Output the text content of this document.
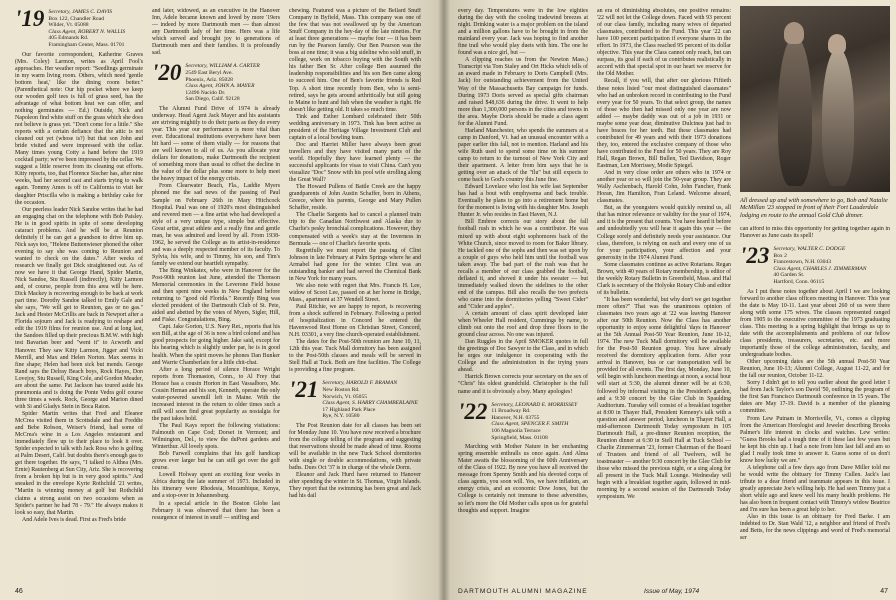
'19 Secretary, JAMES C. DAVIS
Box 122, Chandler Road
Wilder, Vt. 05088
Class Agent, ROBERT N. WALLIS
405 Edmands Rd.
Framingham Center, Mass. 01701

Our favorite correspondent, Katherine Graves (Mrs. Coley) Larmon, writes as April Fool's approaches. Her weather report: "Seedlings germinate in my warm living room. Others, which need 'gentle bottom heat,' like the dining room better." (Parenthetical note: Our hip pocket where we keep our wooden golf tees is full of grass seed, has the advantage of what bottom heat we can offer, and nothing germinates — Ed.) Outside, Nick and Napoleon find white stuff on the grass which she does not believe is grass yet. "Don't come for a little." She reports with a certain defiance that the attic is not cleaned out yet (whose is?) but that son John and bride visited and were impressed with the cellar. Many times young Cotty a hand before the 1919 cocktail party; we've been impressed by the cellar. We suggest a little reserve from its cleaning out efforts. Kitty reports, too, that Florence Sischer has, after nine weeks, had her second cast and starts trying to walk again. Tommy Ames is off to California to visit her daughter Priscilla who is making a birthday cake for the occasion.

Our peerless leader Nick Sandoe writes that he had an engaging chat on the telephone with Bob Paisley. He is in good spirits in spite of some developing cataract problems. And he will be at Reunion definitely if he can get a grandson to drive him up. Nick says too, "Helene Buttenwieser phoned the other evening to say she was coming to Reunion and wanted to check on the dates." After weeks of research we finally got Dick straightened out. As of now we have it that George Hand, Spider Martin, Nick Sandoe, Stu Russell (indirectly), Kitty Larmon and, of course, people from this area will be here. Dick Mackey is recovering enough to be back at work part time. Dorothy Sandoe talked to Emily Gale and she says, "We will get to Reunion, gas or no gas." Jack and Hester McCrillis are back in Newport after a Florida sojourn and Jack is readying to reshape and edit the 1919 films for reunion use. And at long last, the Sandoes filled up their precious B.M.W. with high test Bavarian beer and "went it" to Acworth and Hanover. They saw Kitty Larmon, Jigger and Vicki Merrill, and Max and Helen Norton. Max seems in fine shape; Helen had been sick but mends. George Rand says the Delray Beach boys, Rock Hayes, Don Lovejoy, Stu Russell, King Cole, and Gordon Meader, are about the same. Pat Jackson has toured aside his pneumonia and is doing the Ponte Vedra golf course three times a week. Rock, George and Marion dined with Si and Gladys Stein in Boca Raton.

Spider Martin writes that Fred and Eleanor McCrea visited them in Scottsdale and that Freddie and Bebe Robson, Weiser's friend, had some of McCrea's wine in a Los Angeles restaurant and immediately flew up to their place to look it over. Spider expected to talk with Jack Ross who is golfing at Palm Desert, Calif. but doubts there's enough gas to get there together. He says, "I talked to Althea (Mrs. Ernie) Rautenberg at Sun City, Ariz. She is recovering from a broken hip but is in very good spirits." And sneaked in the envelope Kyrie Rothchild '21 writes, "Martin is winning money at golf but Rothchild claims a strong assist on two occasions when as Spider's partner he had 78 - 79." He always makes it look so easy, that Martin.

And Adele Ives is dead. First as Fred's bride

and later, widowed, as an executive in the Hanover Inn, Adele became known and loved by more '19ers — indeed by more Dartmouth men — than almost any Dartmouth lady of her time. Hers was a life which served and brought joy to generations of Dartmouth men and their families. It is profoundly sad.

'20 Secretary, WILLIAM A. CARTER
2549 East Beryl Ave.
Phoenix, Ariz. 85028
Class Agent, JOHN A. MAYER
12496 Nacido Dr.
San Diego, Calif. 92128

The Alumni Fund Drive of 1974 is already underway. Head Agent Jack Mayer and his assistants are striving mightily to do their parts as they do every year. This year our performance is more vital than ever. Educational institutions everywhere have been hit hard — some of them vitally — for reasons that are well known to all of us. As you allocate your dollars for donations, make Dartmouth the recipient of something more than usual to offset the decline in the value of the dollar plus some more to help meet the heavy impact of the energy crisis.

From Clearwater Beach, Fla., Laddie Myers phoned me the sad news of the passing of Paul Sample on February 26th in Mary Hitchcock Hospital. Paul was one of 1920's most distinguished and revered men — a fine artist who had developed a style of a very unique type, simple but effective. Great artist, great athlete and a really fine and gentle man, he was admired and loved by all. From 1938-1962, he served the College as its artist-in-residence and was a deeply respected member of its faculty. To Sylvia, his wife, and to Timmy, his son, and Tim's family we extend our heartfelt sympathy.

The Bing Winkatex, who were in Hanover for the Post-90th reunion last June, attended the Thomson Memorial ceremonies in the Leverone Field house and then spent nine weeks in New England before returning to "good old Florida." Recently Bing was elected president of the Dartmouth Club of St. Pete, aided and abetted by the votes of Myers, Sigler, Hill, and Fiske. Congratulations, Bing.

Capt. Jake Gorton, U.S. Navy Ret., reports that his son Bill, at the age of 36 is now a bird colonel and has good prospects for going higher. Jake said, except for his hearing which is slightly under par, he is in good health. When the spirit moves he phones Dan Bunker and Warrie Chamberlain for a little chit-chat.

After a long period of silence Horace Wright reports from Thomaston, Conn., to Al Frey that Horace has a cousin Horton in East Vassalboro, Me. Cousin Heman and his son, Kenneth, operate the only water-powered sawmill left in Maine. With the increased interest in the return to older times such a mill will soon find great popularity as nostalgia for the past takes hold.

The Paul Kays report the following visitations: Falmouth on Cape Cod; Dorset in Vermont; and Wilmington, Del., to view the duPont gardens and Winterthur. All lovely spots.

Bob Farwell complains that his golf handicap grows ever larger but he can still get over the golf course.

Lowell Holway spent an exciting four weeks in Africa during the late summer of 1973. Included in his itinerary were Rhodesia, Mozambique, Kenya, and a stop-over in Johannesburg.

In a special article in the Boston Globe last February it was observed that there has been a resurgence of interest in snuff — sniffing and

chewing. Featured was a picture of the Bellard Snuff Company in Byfield, Mass. This company was one of the few that was not swallowed up by the American Snuff Company in the hey-day of the late nineties. For at least three generations — maybe four — it has been run by the Pearson family. Our Ben Pearson was the boss at one time; it was a big sideline who sold snuff, in college, work on tobacco buying with the South with his father Ben Sr. After college Ben assumed the leadership responsibilities and his son Ben came along to succeed him. One of Ben's favorite friends is Red Top. A short time recently from Ben, who is semi-retired, says he gets around arthritically but still going to Maine to hunt and fish when the weather is right. He doesn't like getting old. It takes so much time.

Tink and Esther Lombard celebrated their 50th wedding anniversary in 1973. Tink has been active as president of the Heritage Village Investment Club and captain of a local bowling team.

Doc and Harriet Miller have always been great travellers and they have visited many parts of the world. Hopefully they have learned plenty — the successful applicants for visas to visit China. Can't you visualize "Doc" Snow with his pool wife strolling along the Great Wall?

The Howard Pullens of Battle Creek are the happy grandparents of John Austin Schaffer, born in Athens, Greece, where his parents, George and Mary Pullen Schaffer, reside.

The Charlie Sargents had to cancel a planned train trip to the Canadian Northwest and Alaska due to Charlie's pesky bronchial complications. However, they compensated with a week's stay at the Inverness in Bermuda — one of Charlie's favorite spots.

Regretfully we must report the passing of Clint Johnson in late February at Palm Springs where he and Armabel had gone for the winter. Clint was an outstanding banker and had served the Chemical Bank in New York for many years.

We also note with regret that Mrs. Francis H. Lee, widow of Scoot Lee, passed on at her home in Bridge, Mass., apartment at 37 Wendell Street.

Paul Ritchie, we are happy to report, is recovering from a shock suffered in February. Following a period of hospitalization in Concord he entered the Havenwood Rest Home on Christian Street, Concord, N.H. 03301, a very fine church-operated establishment.

The dates for the Post-50th reunion are June 10, 11, 12th this year. Tuck Mall dormitory has been assigned to the Post-50th classes and meals will be served in Stell Hall at Tuck. Both are fine facilities. The College is providing a fine program.

'21 Secretary, HAROLD F. BRAMAN
New Boston Rd.
Norwich, Vt. 05055
Class Agent, S. HARRY CHAMBERLAINE
17 Highland Park Place
Rye, N.Y. 10580

The Post Reunion date for all classes has been set for Monday June 10. You have now received a brochure from the college telling of the program and suggesting that reservations should be made ahead of time. Rooms will be available in the new Tuck School dormitories with single or double accommodations, with private baths. Dues Oct '37 is in charge of the whole Dorm.

Eleanor and Jack Hurd have returned to Hanover after spending the winter in St. Thomas, Virgin Islands. They report that the swimming has been great and Jack had his dail

46

every day. Temperatures were in the low eighties during the day with the cooling tradewind breezes at night. Drinking water is a major problem on the island and a million gallons have to be brought in from the mainland every year. Jack was hoping to find another fine trail who would play duets with him. The one he found was a nice girl, but —

A clipping reaches us from the Newton Mass.) Transcript via Tom Staley and Ort Hicks which tells of an award made in February to Doris Campbell (Mrs. Jack) for outstanding achievement from the United Way of the Massachusetts Bay campaign for funds. During 1973 Doris served as special gifts chairman and raised $48,636 during the drive. It went to help more than 1,300,000 persons in the cities and towns in the area. Maybe Doris should be made a class agent for the Alumni Fund.

Harland Manchester, who spends the summers at a camp in Danford, Vt. had an unusual encounter with a paper earlier this fall, not to mention. Harland and his wife Ruth used to spend some time on his summer camp to return to the turnout of New York City and their apartment. A letter from him says that he is getting over an attack of the "flu" but still expects to come back to God's country this June fine.

Edward Lovelace who lost his wife last September has had a bout with emphysema and back trouble. Eventually he plans to go into a retirement home but for the moment is living with his daughter Mrs. Joseph Hunter Jr. who resides in East Haven, N.J.

Bill Embree corrects our story about the fall football rush in which he was a contributor. He was mixed up with about eight sophomores back of the White Church, since moved to room for Baker library. He tackled one of the sophs and then was set upon by a couple of guys who held him until the football was taken away. The bad part of the rush was that he recalls a member of our class grabbed the football, deflated it, and shoved it under his sweater — but immediately walked down the sidelines to the other end of the campus. Bill also recalls the two prefects who came into the dormitories yelling "Sweet Cider" and "Cider and apples".

A certain amount of class spirit developed later when Wheeler Hall resident, Cummings by name, to climb out onto the roof and drop three floors to the ground clear across. No one was injured.

Dan Ruggles in the April SMOKER quotes in full the greetings of Doc Sawyer to the Class, and in which he urges our indulgence in cooperating with the College and the administration in the trying years ahead.

Harrick Brown corrects your secretary on the sex of "Chris" his oldest grandchild. Christopher is the full name and it is obviously a boy. Many apologies!

'22 Secretary, LEONARD E. MORRISSEY
11 Broadway Rd.
Hanover, N.H. 03755
Class Agent, SPENCER F. SMITH
106 Magnolia Terrace
Springfield, Mass. 01108

Marching with Mother Nature in her enchanting spring ensemble enthralls us once again. And Alma Mater awaits the blossoming of the 60th Anniversary of the Class of 1922. By now you have all received the message from Spenny Smith and his devoted corps of class agents, you soon will. Yes, we have inflation, an energy crisis, and an economic Dow Jones, but the College is certainly not immune to these adversities, so let's more the Old Mother calls upon us for grateful thoughts and support. Imagine

an era of diminishing absolutes, one positive remains: '22 will not let the College down. Faced with 93 percent of our class family, including many wives of departed classmates, contributed to the Fund. This year '22 can have 100 percent participation if everyone shares in the effort. In 1973, the Class reached 95 percent of its dollar objective. This year the Class cannot only reach, but can surpass, its goal if each of us contributes realistically in accord with that special spot in our heart we reserve for the Old Mother.

Recall, if you will, that after our glorious Fiftieth these notes listed "our most distinguished classmates" who had an unbroken record in contributing to the Fund every year for 50 years. To that select group, the names of those who then had missed only one year are now added — maybe daddy was out of a job in 1931 or maybe some year dear, diminutive Dulcinea just had to have braces for her teeth. But these classmates had contributed for 49 years and with their 1973 donations they, too, entered the exclusive company of those who have contributed to the Fund for 50 years. They are Roy Hall, Regan Brown, Bill Bullen, Ted Davidson, Roger Eastman, Len Morrissey, Modie Spiegel.

And in very close order are others who in 1974 or another year or so will join the 50-year group. They are Wally Aschenbach, Harold Cohn, John Fancher, Frank Horan, Jim Hamilton, Fran Leland. Welcome aboard, classmates.

But, as the youngsters would quickly remind us, all that has minor relevance or validity for the year of 1974, and it is the present that counts. You have heard it before and undoubtedly you will hear it again this year — the College sorely and definitely needs your assistance. Our class, therefore, is relying on each and every one of us for your participation, your affection and your generosity in the 1974 Alumni Fund.

Some classmates continue as active Rotarians. Regan Brown, with 40 years of Rotary membership, is editor of the weekly Rotary Bulletin in Greenfield, Mass. and Hal Clark is secretary of the Holyoke Rotary Club and editor of its bulletin.

"It has been wonderful, but why don't we get together more often?" That was the unanimous opinion of classmates two years ago at '22 was leaving Hanover after our 50th Reunion. Now the Class has another opportunity to enjoy some delightful 'days in Hanover' at the 5th Annual Post-50 Year Reunion, June 10-12, 1974. The new Tuck Mall dormitory will be available for the Post-50 Reunion group. You have already received the dormitory application form. After your arrival in Hanover, bus or car transportation will be provided for all events. The first day, Monday, June 10, will begin with luncheon meetings at noon, a social hour will start at 5:30, the alumni dinner will be at 6:30, followed by informal visiting in the President's garden, and a 9:30 concert by the Glee Club in Spaulding Auditorium. Tuesday will consist of a breakfast together at 8:00 in Thayer Hall, President Kemeny's talk with a question and answer period, luncheon in Thayer Hall, a mid-afternoon Dartmouth Today symposium in 105 Dartmouth Hall, a pre-dinner Reunion reception, the Reunion dinner at 6:30 in Stell Hall at Tuck School — Charlie Zimmerman '23, former Chairman of the Board of Trustees and friend of all Twelvers, will be toastmaster — another 9:30 concert by the Glee Club for those who missed the previous night, or a sing along for all present in the Tuck Mall Lounge. Wednesday will begin with a breakfast together again, followed in mid-morning by a second session of the Dartmouth Today symposium. We

All dressed up and with somewhere to go, Bob and Natalie McMillan '23 stopped in front of their Fort Lauderdale lodging en route to the annual Gold Club dinner.

can afford to miss this opportunity for getting together again in Hanover as June casts its spell!

'23 Secretary, WALTER C. DODGE
Box 2
Francestown, N.H. 03043
Class Agent, CHARLES J. ZIMMERMAN
40 Garden St.
Hartford, Conn. 06115

As I put these notes together about April I we are looking forward to another class officers meeting in Hanover. This year the date is May 10-11. Last year about 260 of us were there along with some 175 wives. The classes represented ranged from 1905 to the executive committee of the 1973 graduating class. This meeting is a spring highlight that brings us up to date with the accomplishments and problems of our fellow class presidents, treasurers, secretaries, etc. and more importantly those of the college administration, faculty, and undergraduate bodies.

Other upcoming dates are the 5th annual Post-50 Year Reunion, June 10-13; Alumni College, August 11-22, and for the fall our reunion, October 11-12.

Sorry I didn't get to tell you earlier about the good letter I had from Jack Taylor's son David '50, outlining the program of the first San Francisco Dartmouth conference in 15 years. The dates are May 17-19. David is a member of the planning committee.

From Lew Putnam in Morrisville, Vt., comes a clipping from the American Horologist and Jeweler describing Brooks Palmer's life interest in clocks and watches. Lew writes: "Guess Brooks had a tough time of it these last few years but he kept his chin up. I had a note from him last fall and am so glad I really took time to answer it. Guess some of us don't know how lucky we are."

A telephone call a few days ago from Dave Miller told me he would write the obituary for Timmy Cullen. Jack's last tribute to a dear friend and teammate appears in this issue. I greatly appreciate Joe's willing help. He had seen Timmy just a short while ago and knew well his many health problems. He has also been in frequent contact with Timmy's widow Beatrice and I'm sure has been a great help to her.

Also in this issue is an obituary for Fred Barke. I am indebted to Dr. Stan Wald '12, a neighbor and friend of Fred's and Betts, for the news clippings and word of Fred's memorial ser

DARTMOUTH ALUMNI MAGAZINE	Issue of May, 1974	47
